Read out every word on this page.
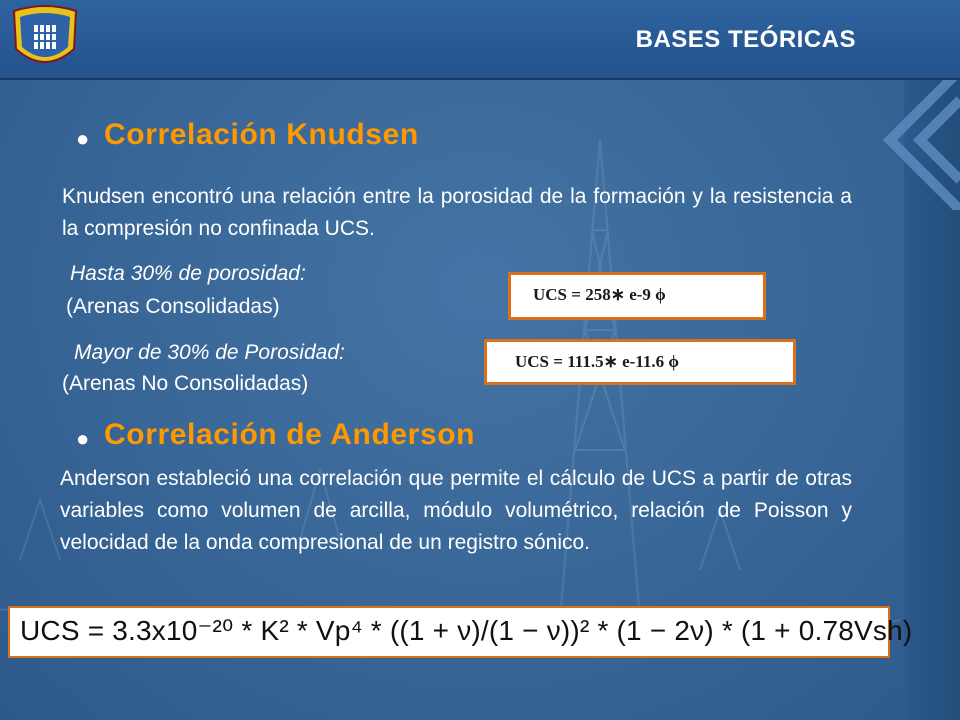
BASES TEÓRICAS
● Correlación Knudsen
Knudsen encontró una relación entre la porosidad de la formación y la resistencia a la compresión no confinada UCS.
Hasta 30% de porosidad:
(Arenas Consolidadas)
UCS = 258∗ e-9 ϕ
Mayor de 30% de Porosidad:
(Arenas No Consolidadas)
UCS = 111.5∗ e-11.6 ϕ
● Correlación de Anderson
Anderson estableció una correlación que permite el cálculo de UCS a partir de otras variables como volumen de arcilla, módulo volumétrico, relación de Poisson y velocidad de la onda compresional de un registro sónico.
UCS = 3.3x10⁻²⁰ * K² * Vp⁴ * ((1 + ν)/(1 − ν))² * (1 − 2ν) * (1 + 0.78Vsh)
